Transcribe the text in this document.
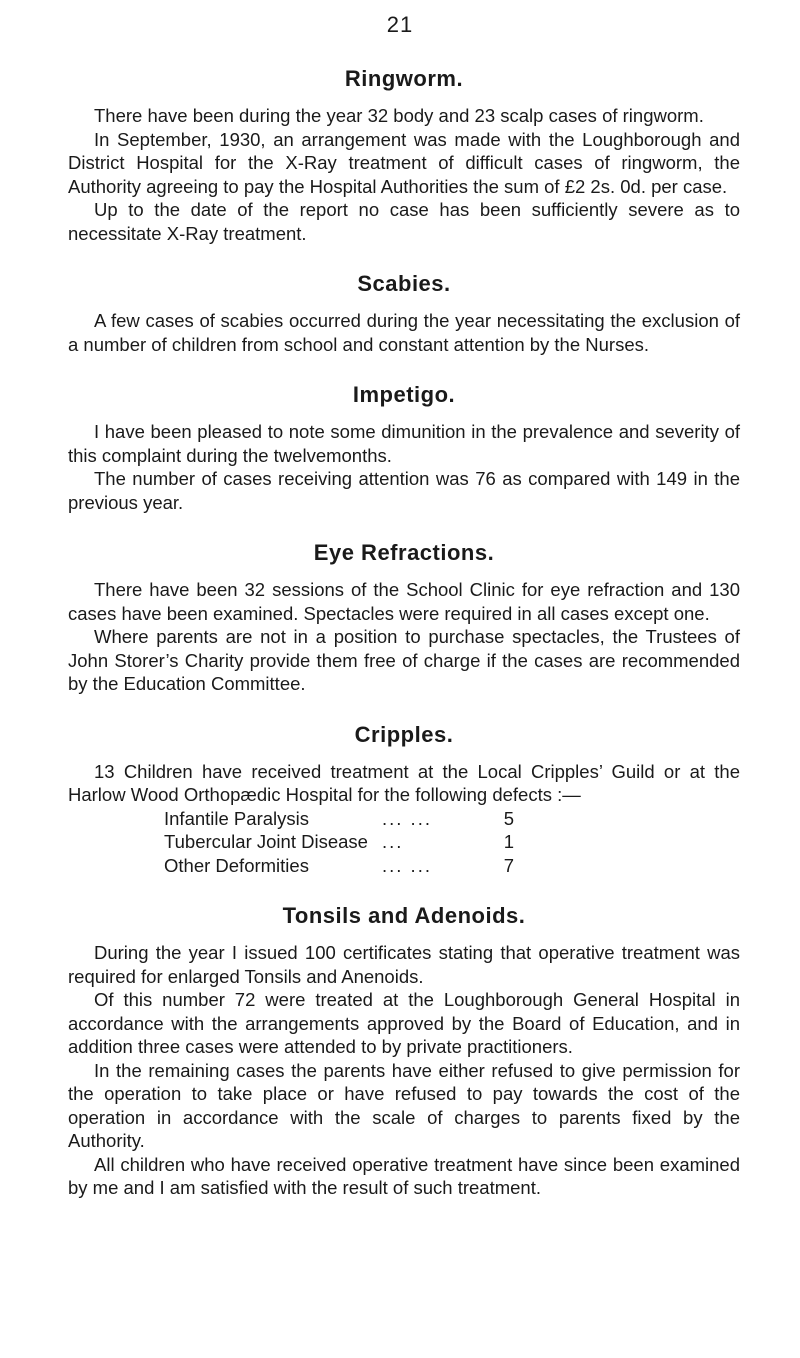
21
Ringworm.

There have been during the year 32 body and 23 scalp cases of ringworm.

In September, 1930, an arrangement was made with the Loughborough and District Hospital for the X-Ray treatment of difficult cases of ringworm, the Authority agreeing to pay the Hospital Authorities the sum of £2 2s. 0d. per case.

Up to the date of the report no case has been sufficiently severe as to necessitate X-Ray treatment.

Scabies.

A few cases of scabies occurred during the year necessitating the exclusion of a number of children from school and constant attention by the Nurses.

Impetigo.

I have been pleased to note some dimunition in the prevalence and severity of this complaint during the twelvemonths.

The number of cases receiving attention was 76 as compared with 149 in the previous year.

Eye Refractions.

There have been 32 sessions of the School Clinic for eye refraction and 130 cases have been examined. Spectacles were required in all cases except one.

Where parents are not in a position to purchase spectacles, the Trustees of John Storer’s Charity provide them free of charge if the cases are recommended by the Education Committee.

Cripples.

13 Children have received treatment at the Local Cripples’ Guild or at the Harlow Wood Orthopædic Hospital for the following defects :—

Infantile Paralysis	... ...	5
Tubercular Joint Disease ...	1
Other Deformities	... ...	7
Tonsils and Adenoids.

During the year I issued 100 certificates stating that operative treatment was required for enlarged Tonsils and Anenoids.

Of this number 72 were treated at the Loughborough General Hospital in accordance with the arrangements approved by the Board of Education, and in addition three cases were attended to by private practitioners.

In the remaining cases the parents have either refused to give permission for the operation to take place or have refused to pay towards the cost of the operation in accordance with the scale of charges to parents fixed by the Authority.

All children who have received operative treatment have since been examined by me and I am satisfied with the result of such treatment.
